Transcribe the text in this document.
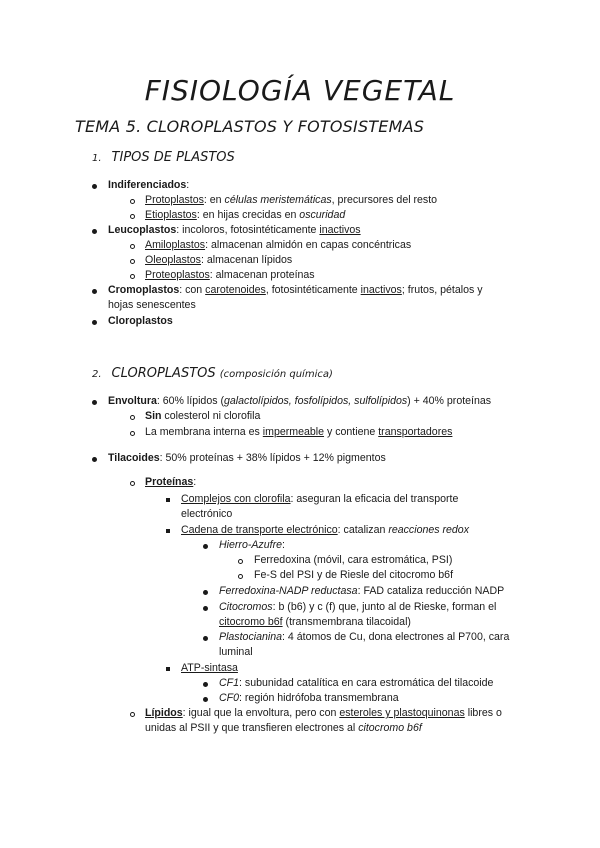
FISIOLOGÍA VEGETAL
TEMA 5. CLOROPLASTOS Y FOTOSISTEMAS
1. TIPOS DE PLASTOS
Indiferenciados:
Protoplastos: en células meristemáticas, precursores del resto
Etioplastos: en hijas crecidas en oscuridad
Leucoplastos: incoloros, fotosintéticamente inactivos
Amiloplastos: almacenan almidón en capas concéntricas
Oleoplastos: almacenan lípidos
Proteoplastos: almacenan proteínas
Cromoplastos: con carotenoides, fotosintéticamente inactivos; frutos, pétalos y
hojas senescentes
Cloroplastos
2. CLOROPLASTOS (composición química)
Envoltura: 60% lípidos (galactolípidos, fosfolípidos, sulfolípidos) + 40% proteínas
Sin colesterol ni clorofila
La membrana interna es impermeable y contiene transportadores
Tilacoides: 50% proteínas + 38% lípidos + 12% pigmentos
Proteínas:
Complejos con clorofila: aseguran la eficacia del transporte
electrónico
Cadena de transporte electrónico: catalizan reacciones redox
Hierro-Azufre:
Ferredoxina (móvil, cara estromática, PSI)
Fe-S del PSI y de Riesle del citocromo b6f
Ferredoxina-NADP reductasa: FAD cataliza reducción NADP
Citocromos: b (b6) y c (f) que, junto al de Rieske, forman el
citocromo b6f (transmembrana tilacoidal)
Plastocianina: 4 átomos de Cu, dona electrones al P700, cara
luminal
ATP-sintasa
CF1: subunidad catalítica en cara estromática del tilacoide
CF0: región hidrófoba transmembrana
Lípidos: igual que la envoltura, pero con esteroles y plastoquinonas libres o
unidas al PSII y que transfieren electrones al citocromo b6f
